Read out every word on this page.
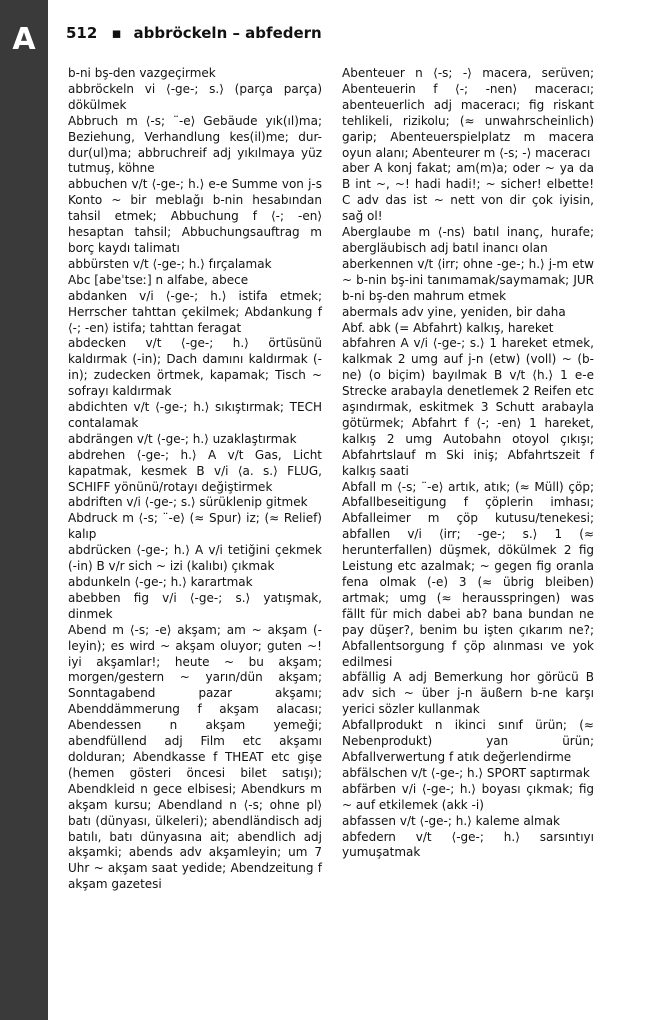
A	512 ▪ abbröckeln – abfedern

b-ni bş-den vazgeçirmek

abbröckeln vi ⟨-ge-; s.⟩ (parça parça) dökülmek

Abbruch m ⟨-s; ¨-e⟩ Gebäude yık(ıl)ma; Beziehung, Verhandlung kes(il)me; dur-dur(ul)ma; abbruchreif adj yıkılmaya yüz tutmuş, köhne

abbuchen v/t ⟨-ge-; h.⟩ e-e Summe von j-s Konto ~ bir meblağı b-nin hesabından tahsil etmek; Abbuchung f ⟨-; -en⟩ hesaptan tahsil; Abbuchungsauftrag m borç kaydı talimatı

abbürsten v/t ⟨-ge-; h.⟩ fırçalamak

Abc [abeˈtseː] n alfabe, abece

abdanken v/i ⟨-ge-; h.⟩ istifa etmek; Herrscher tahttan çekilmek; Abdankung f ⟨-; -en⟩ istifa; tahttan feragat

abdecken v/t ⟨-ge-; h.⟩ örtüsünü kaldırmak (-in); Dach damını kaldırmak (-in); zudecken örtmek, kapamak; Tisch ~ sofrayı kaldırmak

abdichten v/t ⟨-ge-; h.⟩ sıkıştırmak; TECH contalamak

abdrängen v/t ⟨-ge-; h.⟩ uzaklaştırmak

abdrehen ⟨-ge-; h.⟩ A v/t Gas, Licht kapatmak, kesmek B v/i ⟨a. s.⟩ FLUG, SCHIFF yönünü/rotayı değiştirmek

abdriften v/i ⟨-ge-; s.⟩ sürüklenip gitmek

Abdruck m ⟨-s; ¨-e⟩ (≈ Spur) iz; (≈ Relief) kalıp

abdrücken ⟨-ge-; h.⟩ A v/i tetiğini çekmek (-in) B v/r sich ~ izi (kalıbı) çıkmak

abdunkeln ⟨-ge-; h.⟩ karartmak

abebben fig v/i ⟨-ge-; s.⟩ yatışmak, dinmek

Abend m ⟨-s; -e⟩ akşam; am ~ akşam (-leyin); es wird ~ akşam oluyor; guten ~! iyi akşamlar!; heute ~ bu akşam; morgen/gestern ~ yarın/dün akşam; Sonntagabend pazar akşamı; Abenddämmerung f akşam alacası; Abendessen n akşam yemeği; abendfüllend adj Film etc akşamı dolduran; Abendkasse f THEAT etc gişe (hemen gösteri öncesi bilet satışı); Abendkleid n gece elbisesi; Abendkurs m akşam kursu; Abendland n ⟨-s; ohne pl⟩ batı (dünyası, ülkeleri); abendländisch adj batılı, batı dünyasına ait; abendlich adj akşamki; abends adv akşamleyin; um 7 Uhr ~ akşam saat yedide; Abendzeitung f akşam gazetesi

Abenteuer n ⟨-s; -⟩ macera, serüven; Abenteuerin f ⟨-; -nen⟩ maceracı; abenteuerlich adj maceracı; fig riskant tehlikeli, rizikolu; (≈ unwahrscheinlich) garip; Abenteuerspielplatz m macera oyun alanı; Abenteurer m ⟨-s; -⟩ maceracı

aber A konj fakat; am(m)a; oder ~ ya da B int ~, ~! hadi hadi!; ~ sicher! elbette! C adv das ist ~ nett von dir çok iyisin, sağ ol!

Aberglaube m ⟨-ns⟩ batıl inanç, hurafe; abergläubisch adj batıl inancı olan

aberkennen v/t ⟨irr; ohne -ge-; h.⟩ j-m etw ~ b-nin bş-ini tanımamak/saymamak; JUR b-ni bş-den mahrum etmek

abermals adv yine, yeniden, bir daha

Abf. abk (= Abfahrt) kalkış, hareket

abfahren A v/i ⟨-ge-; s.⟩ 1 hareket etmek, kalkmak 2 umg auf j-n (etw) (voll) ~ (b-ne) (o biçim) bayılmak B v/t ⟨h.⟩ 1 e-e Strecke arabayla denetlemek 2 Reifen etc aşındırmak, eskitmek 3 Schutt arabayla götürmek; Abfahrt f ⟨-; -en⟩ 1 hareket, kalkış 2 umg Autobahn otoyol çıkışı; Abfahrtslauf m Ski iniş; Abfahrtszeit f kalkış saati

Abfall m ⟨-s; ¨-e⟩ artık, atık; (≈ Müll) çöp; Abfallbeseitigung f çöplerin imhası; Abfalleimer m çöp kutusu/tenekesi; abfallen v/i ⟨irr; -ge-; s.⟩ 1 (≈ herunterfallen) düşmek, dökülmek 2 fig Leistung etc azalmak; ~ gegen fig oranla fena olmak (-e) 3 (≈ übrig bleiben) artmak; umg (≈ herausspringen) was fällt für mich dabei ab? bana bundan ne pay düşer?, benim bu işten çıkarım ne?; Abfallentsorgung f çöp alınması ve yok edilmesi

abfällig A adj Bemerkung hor görücü B adv sich ~ über j-n äußern b-ne karşı yerici sözler kullanmak

Abfallprodukt n ikinci sınıf ürün; (≈ Nebenprodukt) yan ürün; Abfallverwertung f atık değerlendirme

abfälschen v/t ⟨-ge-; h.⟩ SPORT saptırmak

abfärben v/i ⟨-ge-; h.⟩ boyası çıkmak; fig ~ auf etkilemek (akk -i)

abfassen v/t ⟨-ge-; h.⟩ kaleme almak

abfedern v/t ⟨-ge-; h.⟩ sarsıntıyı yumuşatmak
